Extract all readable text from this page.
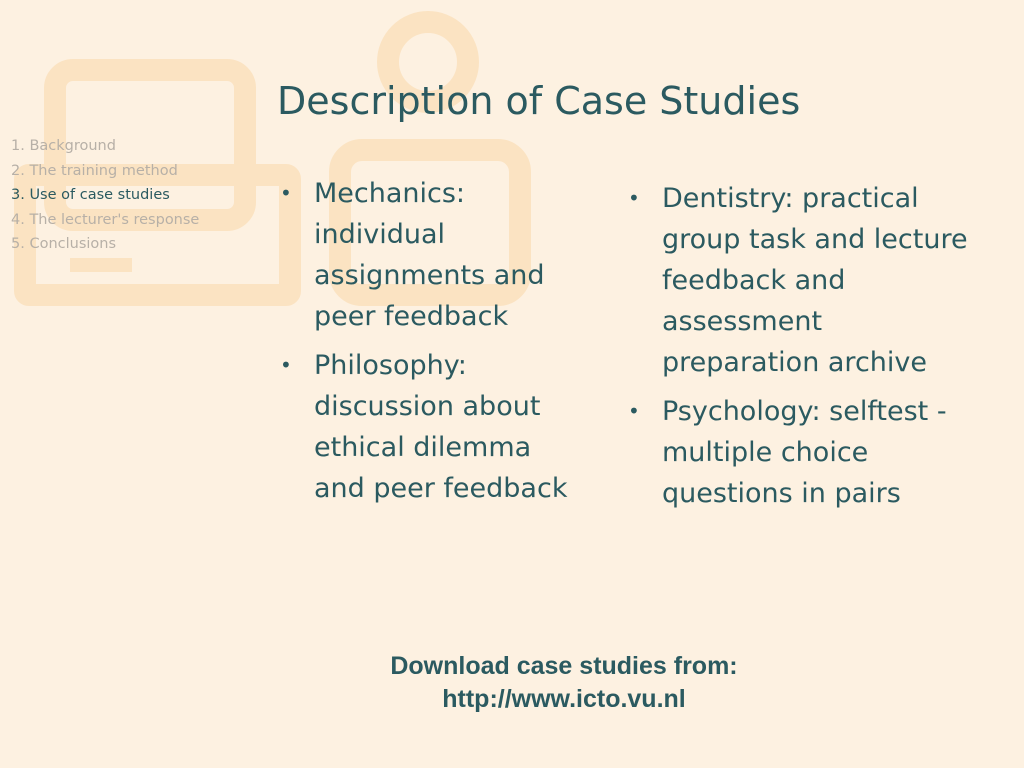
1. Background
2. The training method
3. Use of case studies
4. The lecturer's response
5. Conclusions
Description of Case Studies
• Mechanics: individual assignments and peer feedback
• Philosophy: discussion about ethical dilemma and peer feedback
• Dentistry: practical group task and lecture feedback and assessment preparation archive
• Psychology: selftest - multiple choice questions in pairs
Download case studies from:
http://www.icto.vu.nl
